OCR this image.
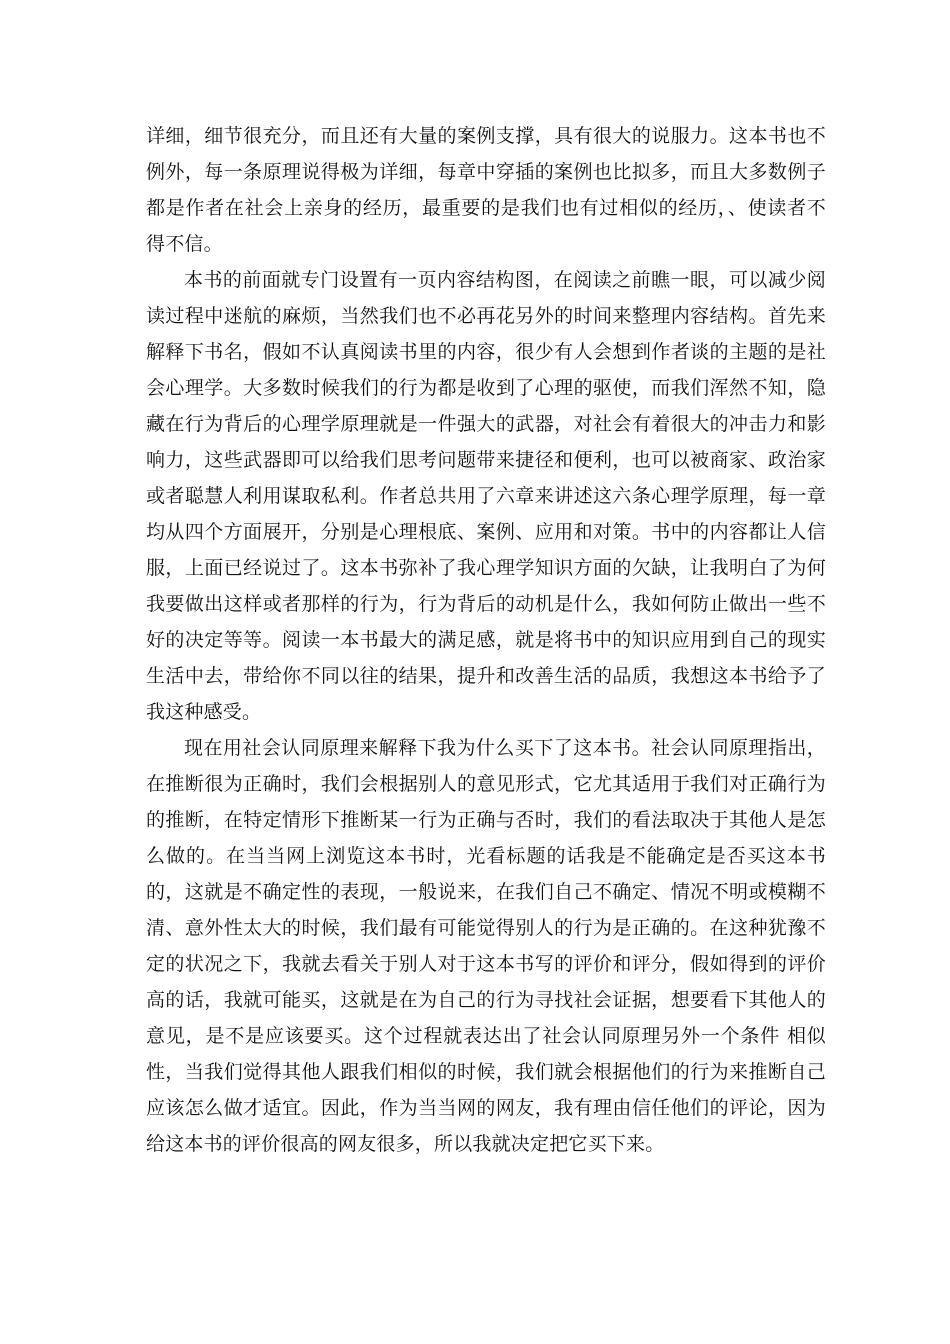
详细，细节很充分，而且还有大量的案例支撑，具有很大的说服力。这本书也不例外，每一条原理说得极为详细，每章中穿插的案例也比拟多，而且大多数例子都是作者在社会上亲身的经历，最重要的是我们也有过相似的经历，、使读者不得不信。

本书的前面就专门设置有一页内容结构图，在阅读之前瞧一眼，可以减少阅读过程中迷航的麻烦，当然我们也不必再花另外的时间来整理内容结构。首先来解释下书名，假如不认真阅读书里的内容，很少有人会想到作者谈的主题的是社会心理学。大多数时候我们的行为都是收到了心理的驱使，而我们浑然不知，隐藏在行为背后的心理学原理就是一件强大的武器，对社会有着很大的冲击力和影响力，这些武器即可以给我们思考问题带来捷径和便利，也可以被商家、政治家或者聪慧人利用谋取私利。作者总共用了六章来讲述这六条心理学原理，每一章均从四个方面展开，分别是心理根底、案例、应用和对策。书中的内容都让人信服，上面已经说过了。这本书弥补了我心理学知识方面的欠缺，让我明白了为何我要做出这样或者那样的行为，行为背后的动机是什么，我如何防止做出一些不好的决定等等。阅读一本书最大的满足感，就是将书中的知识应用到自己的现实生活中去，带给你不同以往的结果，提升和改善生活的品质，我想这本书给予了我这种感受。

现在用社会认同原理来解释下我为什么买下了这本书。社会认同原理指出，在推断很为正确时，我们会根据别人的意见形式，它尤其适用于我们对正确行为的推断，在特定情形下推断某一行为正确与否时，我们的看法取决于其他人是怎么做的。在当当网上浏览这本书时，光看标题的话我是不能确定是否买这本书的，这就是不确定性的表现，一般说来，在我们自己不确定、情况不明或模糊不清、意外性太大的时候，我们最有可能觉得别人的行为是正确的。在这种犹豫不定的状况之下，我就去看关于别人对于这本书写的评价和评分，假如得到的评价高的话，我就可能买，这就是在为自己的行为寻找社会证据，想要看下其他人的意见，是不是应该要买。这个过程就表达出了社会认同原理另外一个条件 相似性，当我们觉得其他人跟我们相似的时候，我们就会根据他们的行为来推断自己应该怎么做才适宜。因此，作为当当网的网友，我有理由信任他们的评论，因为给这本书的评价很高的网友很多，所以我就决定把它买下来。
